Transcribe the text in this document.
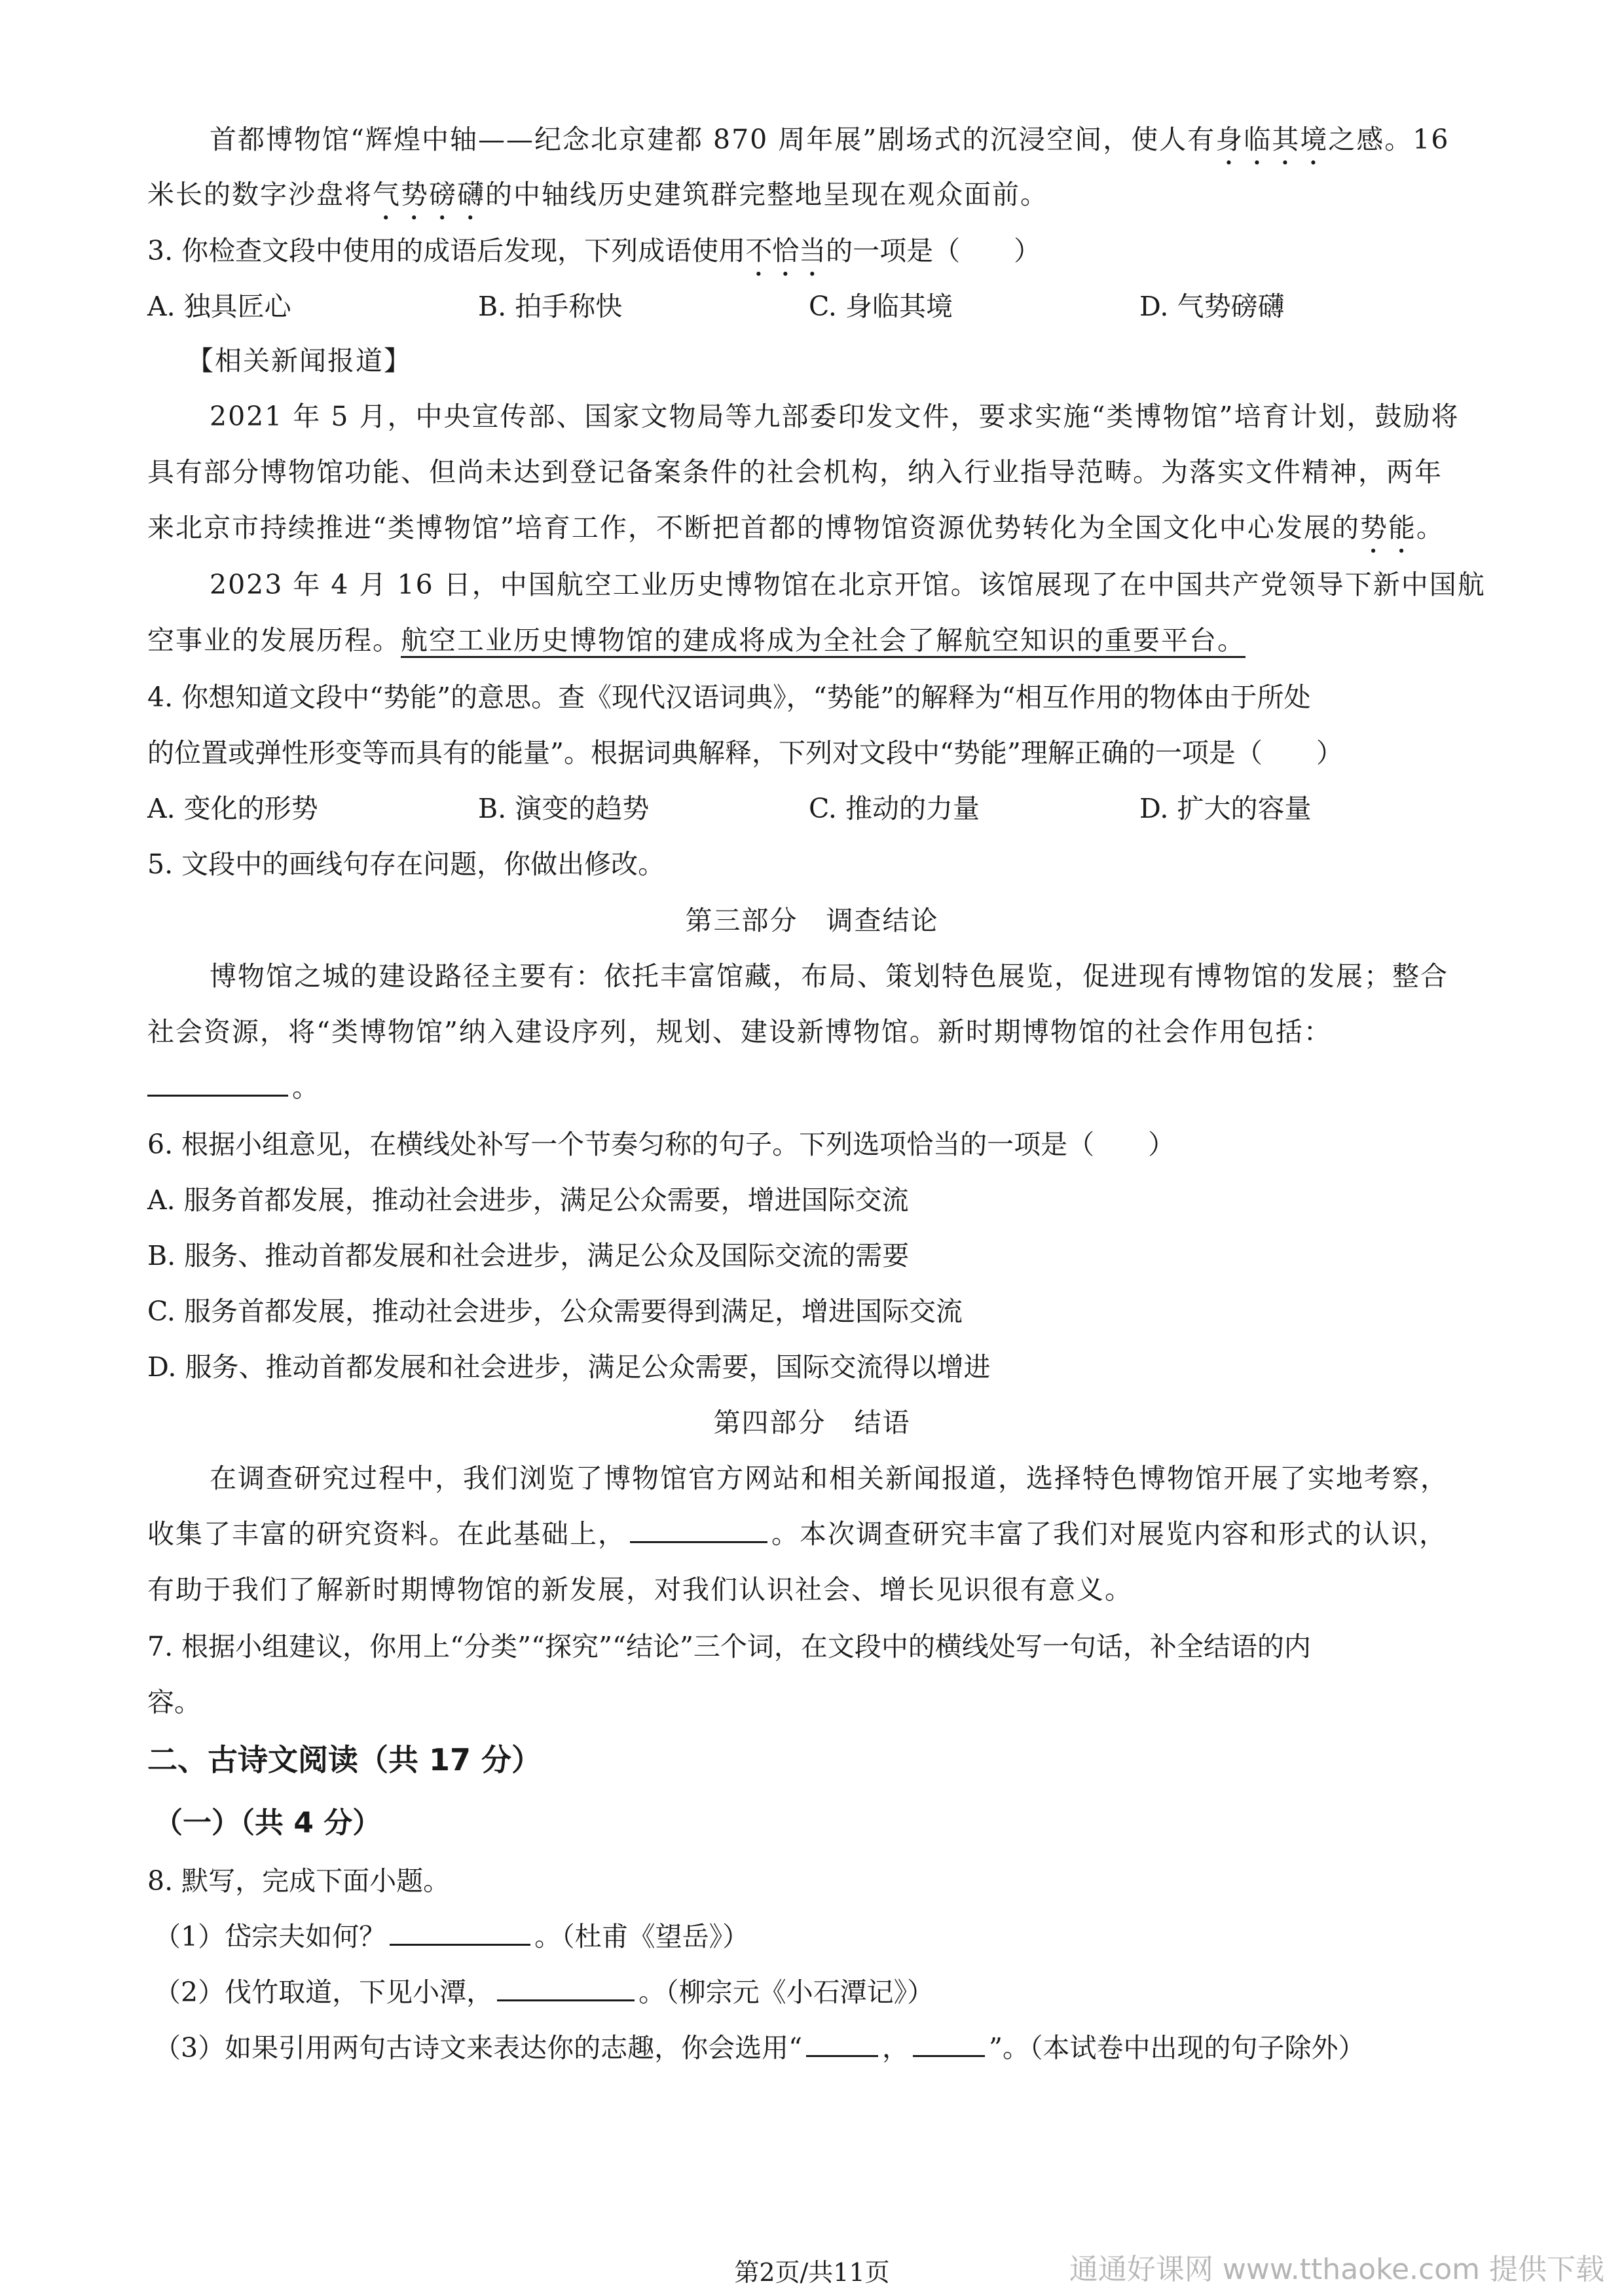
首都博物馆“辉煌中轴——纪念北京建都 870 周年展”剧场式的沉浸空间，使人有身临其境之感。16
米长的数字沙盘将气势磅礴的中轴线历史建筑群完整地呈现在观众面前。
3. 你检查文段中使用的成语后发现，下列成语使用不恰当的一项是（　　）
A. 独具匠心	B. 拍手称快	C. 身临其境	D. 气势磅礴
【相关新闻报道】
2021 年 5 月，中央宣传部、国家文物局等九部委印发文件，要求实施“类博物馆”培育计划，鼓励将
具有部分博物馆功能、但尚未达到登记备案条件的社会机构，纳入行业指导范畴。为落实文件精神，两年
来北京市持续推进“类博物馆”培育工作，不断把首都的博物馆资源优势转化为全国文化中心发展的势能。
2023 年 4 月 16 日，中国航空工业历史博物馆在北京开馆。该馆展现了在中国共产党领导下新中国航
空事业的发展历程。航空工业历史博物馆的建成将成为全社会了解航空知识的重要平台。
4. 你想知道文段中“势能”的意思。查《现代汉语词典》，“势能”的解释为“相互作用的物体由于所处
的位置或弹性形变等而具有的能量”。根据词典解释，下列对文段中“势能”理解正确的一项是（　　）
A. 变化的形势	B. 演变的趋势	C. 推动的力量	D. 扩大的容量
5. 文段中的画线句存在问题，你做出修改。
第三部分　调查结论
博物馆之城的建设路径主要有：依托丰富馆藏，布局、策划特色展览，促进现有博物馆的发展；整合
社会资源，将“类博物馆”纳入建设序列，规划、建设新博物馆。新时期博物馆的社会作用包括：
。
6. 根据小组意见，在横线处补写一个节奏匀称的句子。下列选项恰当的一项是（　　）
A. 服务首都发展，推动社会进步，满足公众需要，增进国际交流
B. 服务、推动首都发展和社会进步，满足公众及国际交流的需要
C. 服务首都发展，推动社会进步，公众需要得到满足，增进国际交流
D. 服务、推动首都发展和社会进步，满足公众需要，国际交流得以增进
第四部分　结语
在调查研究过程中，我们浏览了博物馆官方网站和相关新闻报道，选择特色博物馆开展了实地考察，
收集了丰富的研究资料。在此基础上，	。本次调查研究丰富了我们对展览内容和形式的认识，
有助于我们了解新时期博物馆的新发展，对我们认识社会、增长见识很有意义。
7. 根据小组建议，你用上“分类”“探究”“结论”三个词，在文段中的横线处写一句话，补全结语的内
容。
二、古诗文阅读（共 17 分）
（一）（共 4 分）
8. 默写，完成下面小题。
（1）岱宗夫如何？	。（杜甫《望岳》）
（2）伐竹取道，下见小潭，	。（柳宗元《小石潭记》）
（3）如果引用两句古诗文来表达你的志趣，你会选用“	，	”。（本试卷中出现的句子除外）
第2页/共11页	通通好课网 www.tthaoke.com 提供下载
